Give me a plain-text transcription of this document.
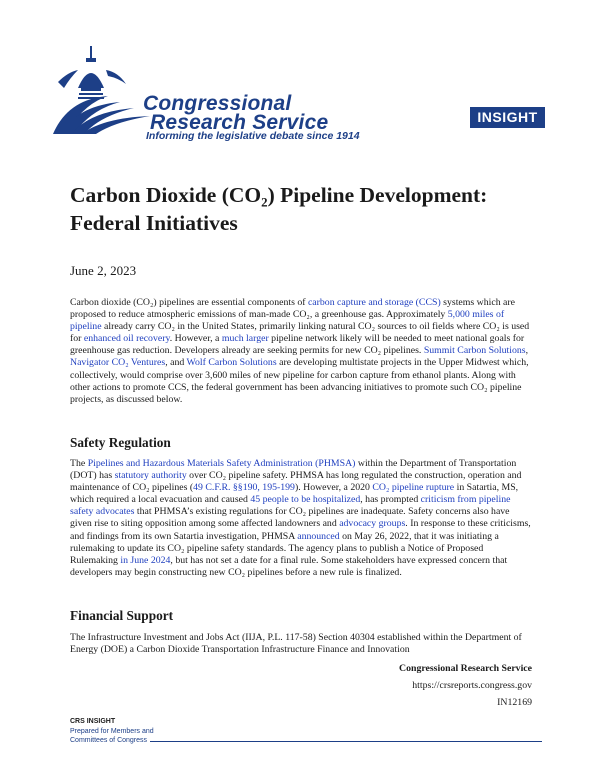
Congressional
Research Service
Informing the legislative debate since 1914
INSIGHT
Carbon Dioxide (CO₂) Pipeline Development: Federal Initiatives
June 2, 2023

Carbon dioxide (CO₂) pipelines are essential components of carbon capture and storage (CCS) systems which are proposed to reduce atmospheric emissions of man-made CO₂, a greenhouse gas. Approximately 5,000 miles of pipeline already carry CO₂ in the United States, primarily linking natural CO₂ sources to oil fields where CO₂ is used for enhanced oil recovery. However, a much larger pipeline network likely will be needed to meet national goals for greenhouse gas reduction. Developers already are seeking permits for new CO₂ pipelines. Summit Carbon Solutions, Navigator CO₂ Ventures, and Wolf Carbon Solutions are developing multistate projects in the Upper Midwest which, collectively, would comprise over 3,600 miles of new pipeline for carbon capture from ethanol plants. Along with other actions to promote CCS, the federal government has been advancing initiatives to promote such CO₂ pipeline projects, as discussed below.

Safety Regulation

The Pipelines and Hazardous Materials Safety Administration (PHMSA) within the Department of Transportation (DOT) has statutory authority over CO₂ pipeline safety. PHMSA has long regulated the construction, operation and maintenance of CO₂ pipelines (49 C.F.R. §§190, 195-199). However, a 2020 CO₂ pipeline rupture in Satartia, MS, which required a local evacuation and caused 45 people to be hospitalized, has prompted criticism from pipeline safety advocates that PHMSA’s existing regulations for CO₂ pipelines are inadequate. Safety concerns also have given rise to siting opposition among some affected landowners and advocacy groups. In response to these criticisms, and findings from its own Satartia investigation, PHMSA announced on May 26, 2022, that it was initiating a rulemaking to update its CO₂ pipeline safety standards. The agency plans to publish a Notice of Proposed Rulemaking in June 2024, but has not set a date for a final rule. Some stakeholders have expressed concern that developers may begin constructing new CO₂ pipelines before a new rule is finalized.

Financial Support

The Infrastructure Investment and Jobs Act (IIJA, P.L. 117-58) Section 40304 established within the Department of Energy (DOE) a Carbon Dioxide Transportation Infrastructure Finance and Innovation

Congressional Research Service
https://crsreports.congress.gov
IN12169
CRS INSIGHT
Prepared for Members and
Committees of Congress
